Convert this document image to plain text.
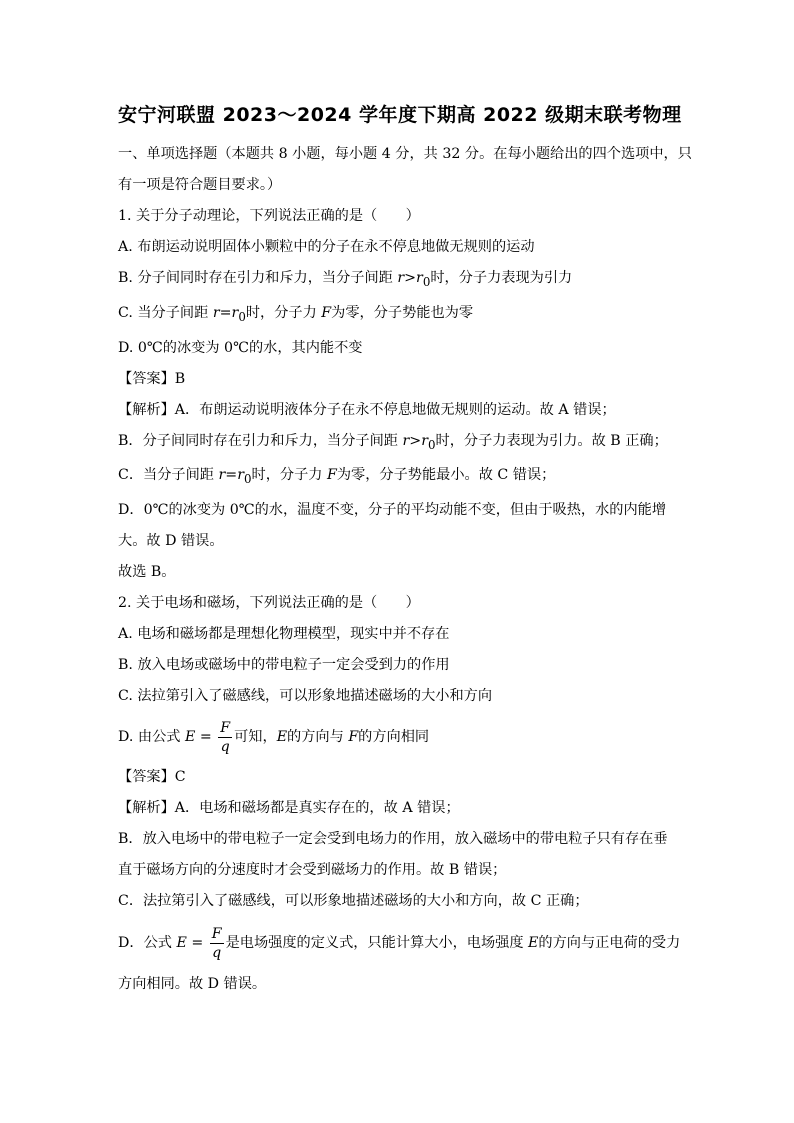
安宁河联盟 2023～2024 学年度下期高 2022 级期末联考物理
一、单项选择题（本题共 8 小题，每小题 4 分，共 32 分。在每小题给出的四个选项中，只
有一项是符合题目要求。）
1. 关于分子动理论，下列说法正确的是（　　）
A. 布朗运动说明固体小颗粒中的分子在永不停息地做无规则的运动
B. 分子间同时存在引力和斥力，当分子间距 $r>r_0$时，分子力表现为引力
C. 当分子间距 $r=r_0$时，分子力 F为零，分子势能也为零
D. 0℃的冰变为 0℃的水，其内能不变
【答案】B
【解析】A．布朗运动说明液体分子在永不停息地做无规则的运动。故 A 错误；
B．分子间同时存在引力和斥力，当分子间距 $r>r_0$时，分子力表现为引力。故 B 正确；
C．当分子间距 $r=r_0$时，分子力 F为零，分子势能最小。故 C 错误；
D．0℃的冰变为 0℃的水，温度不变，分子的平均动能不变，但由于吸热，水的内能增
大。故 D 错误。
故选 B。
2. 关于电场和磁场，下列说法正确的是（　　）
A. 电场和磁场都是理想化物理模型，现实中并不存在
B. 放入电场或磁场中的带电粒子一定会受到力的作用
C. 法拉第引入了磁感线，可以形象地描述磁场的大小和方向
D. 由公式 $E = \frac{F}{q}$ 可知，E的方向与 F的方向相同
【答案】C
【解析】A．电场和磁场都是真实存在的，故 A 错误；
B．放入电场中的带电粒子一定会受到电场力的作用，放入磁场中的带电粒子只有存在垂
直于磁场方向的分速度时才会受到磁场力的作用。故 B 错误；
C．法拉第引入了磁感线，可以形象地描述磁场的大小和方向，故 C 正确；
D．公式 $E = \frac{F}{q}$ 是电场强度的定义式，只能计算大小，电场强度 E的方向与正电荷的受力
方向相同。故 D 错误。
